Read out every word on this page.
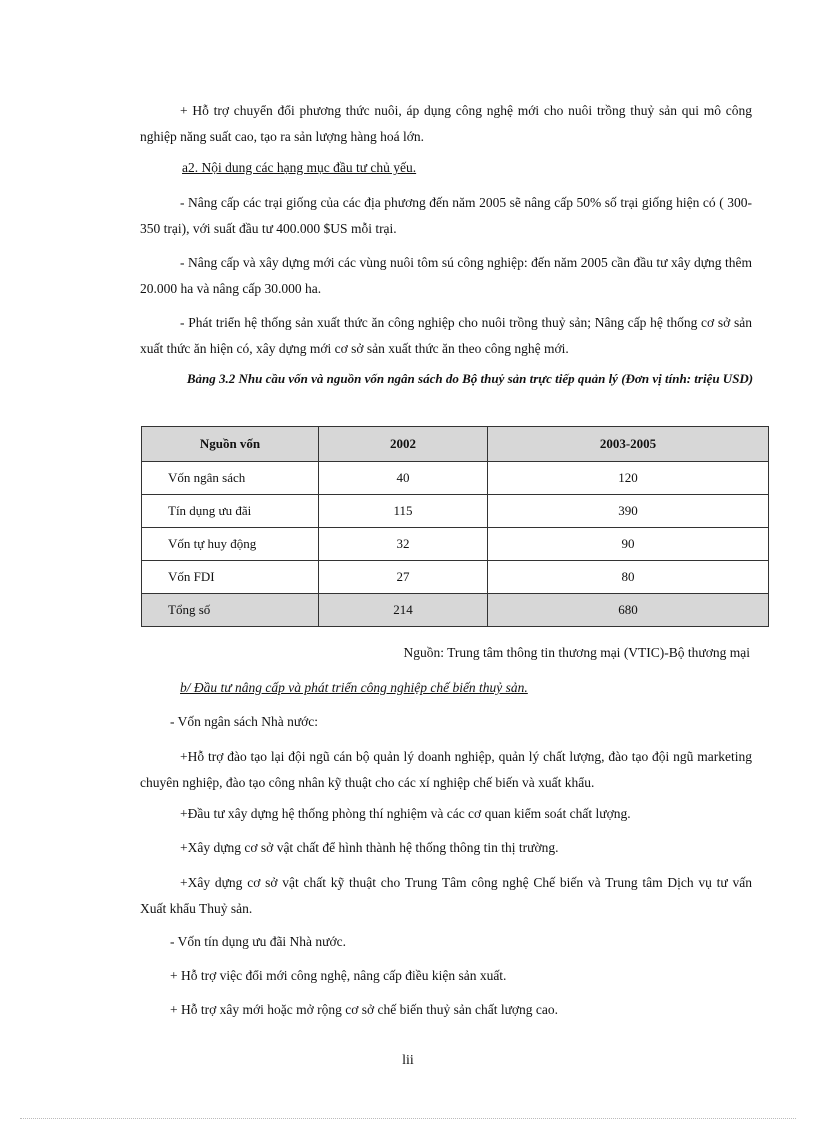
+ Hỗ trợ chuyển đổi phương thức nuôi, áp dụng công nghệ mới cho nuôi trồng thuỷ sản qui mô công nghiệp năng suất cao, tạo ra sản lượng hàng hoá lớn.

a2. Nội dung các hạng mục đầu tư chủ yếu.

- Nâng cấp các trại giống của các địa phương đến năm 2005 sẽ nâng cấp 50% số trại giống hiện có ( 300-350 trại), với suất đầu tư 400.000 $US mỗi trại.

- Nâng cấp và xây dựng mới các vùng nuôi tôm sú công nghiệp: đến năm 2005 cần đầu tư xây dựng thêm 20.000 ha và nâng cấp 30.000 ha.

- Phát triển hệ thống sản xuất thức ăn công nghiệp cho nuôi trồng thuỷ sản; Nâng cấp hệ thống cơ sở sản xuất thức ăn hiện có, xây dựng mới cơ sở sản xuất thức ăn theo công nghệ mới.

Bảng 3.2 Nhu cầu vốn và nguồn vốn ngân sách do Bộ thuỷ sản trực tiếp quản lý (Đơn vị tính: triệu USD)
Nguồn vốn	2002	2003-2005
Vốn ngân sách	40	120
Tín dụng ưu đãi	115	390
Vốn tự huy động	32	90
Vốn FDI	27	80
Tổng số	214	680
Nguồn: Trung tâm thông tin thương mại (VTIC)-Bộ thương mại
b/ Đầu tư nâng cấp và phát triển công nghiệp chế biến thuỷ sản.
- Vốn ngân sách Nhà nước:

+Hỗ trợ đào tạo lại đội ngũ cán bộ quản lý doanh nghiệp, quản lý chất lượng, đào tạo đội ngũ marketing chuyên nghiệp, đào tạo công nhân kỹ thuật cho các xí nghiệp chế biến và xuất khẩu.

+Đầu tư xây dựng hệ thống phòng thí nghiệm và các cơ quan kiểm soát chất lượng.
+Xây dựng cơ sở vật chất để hình thành hệ thống thông tin thị trường.

+Xây dựng cơ sở vật chất kỹ thuật cho Trung Tâm công nghệ Chế biến và Trung tâm Dịch vụ tư vấn Xuất khẩu Thuỷ sản.

- Vốn tín dụng ưu đãi Nhà nước.
+ Hỗ trợ việc đổi mới công nghệ, nâng cấp điều kiện sản xuất.
+ Hỗ trợ xây mới hoặc mở rộng cơ sở chế biến thuỷ sản chất lượng cao.
lii
